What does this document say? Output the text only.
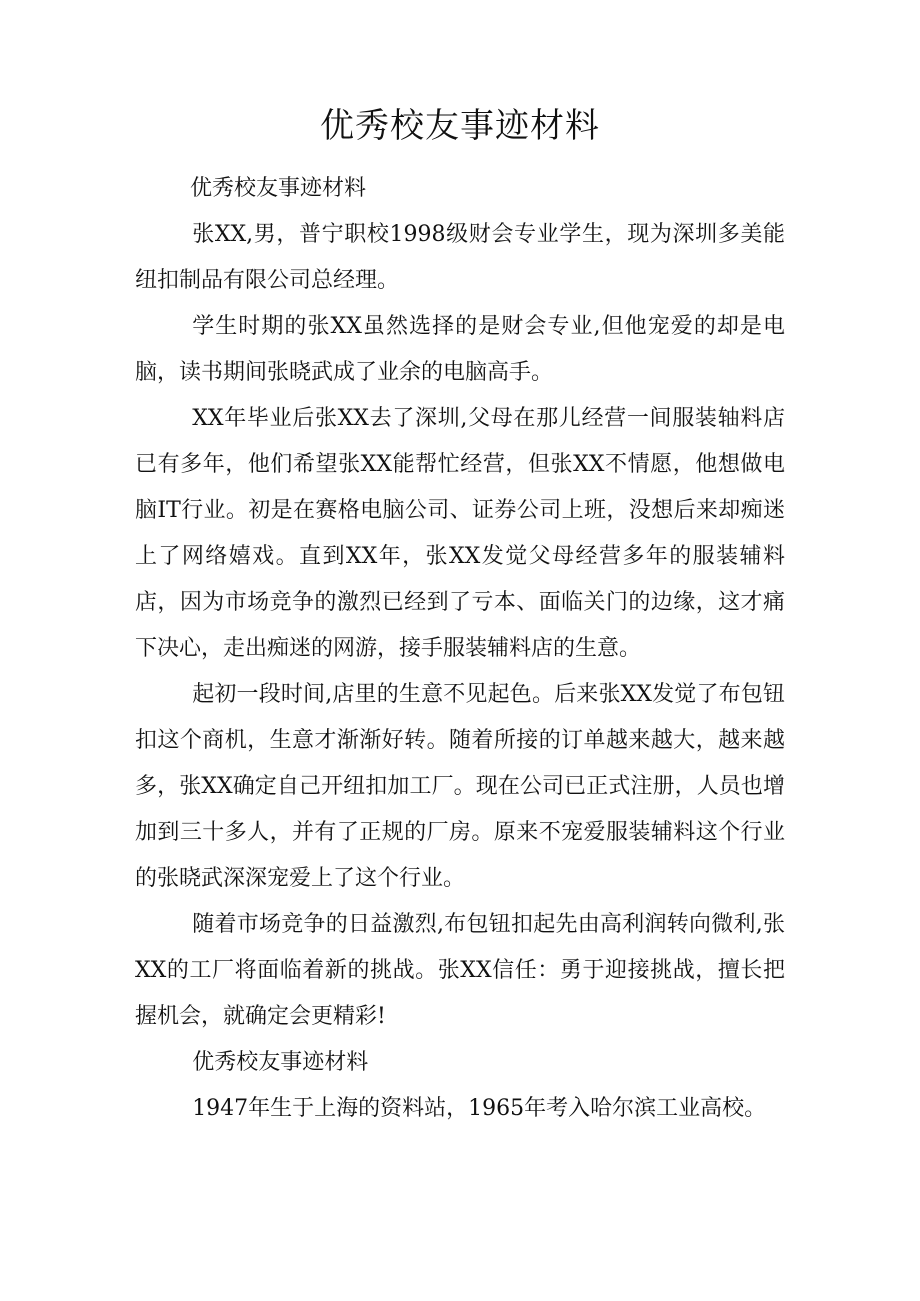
优秀校友事迹材料

优秀校友事迹材料

张XX,男，普宁职校1998级财会专业学生，现为深圳多美能纽扣制品有限公司总经理。

学生时期的张XX虽然选择的是财会专业,但他宠爱的却是电脑，读书期间张晓武成了业余的电脑高手。

XX年毕业后张XX去了深圳,父母在那儿经营一间服装轴料店已有多年，他们希望张XX能帮忙经营，但张XX不情愿，他想做电脑IT行业。初是在赛格电脑公司、证券公司上班，没想后来却痴迷上了网络嬉戏。直到XX年，张XX发觉父母经营多年的服装辅料店，因为市场竞争的激烈已经到了亏本、面临关门的边缘，这才痛下决心，走出痴迷的网游，接手服装辅料店的生意。

起初一段时间,店里的生意不见起色。后来张XX发觉了布包钮扣这个商机，生意才渐渐好转。随着所接的订单越来越大，越来越多，张XX确定自己开纽扣加工厂。现在公司已正式注册，人员也增加到三十多人，并有了正规的厂房。原来不宠爱服装辅料这个行业的张晓武深深宠爱上了这个行业。

随着市场竞争的日益激烈,布包钮扣起先由高利润转向微利,张XX的工厂将面临着新的挑战。张XX信任：勇于迎接挑战，擅长把握机会，就确定会更精彩!

优秀校友事迹材料

1947年生于上海的资料站，1965年考入哈尔滨工业高校。
